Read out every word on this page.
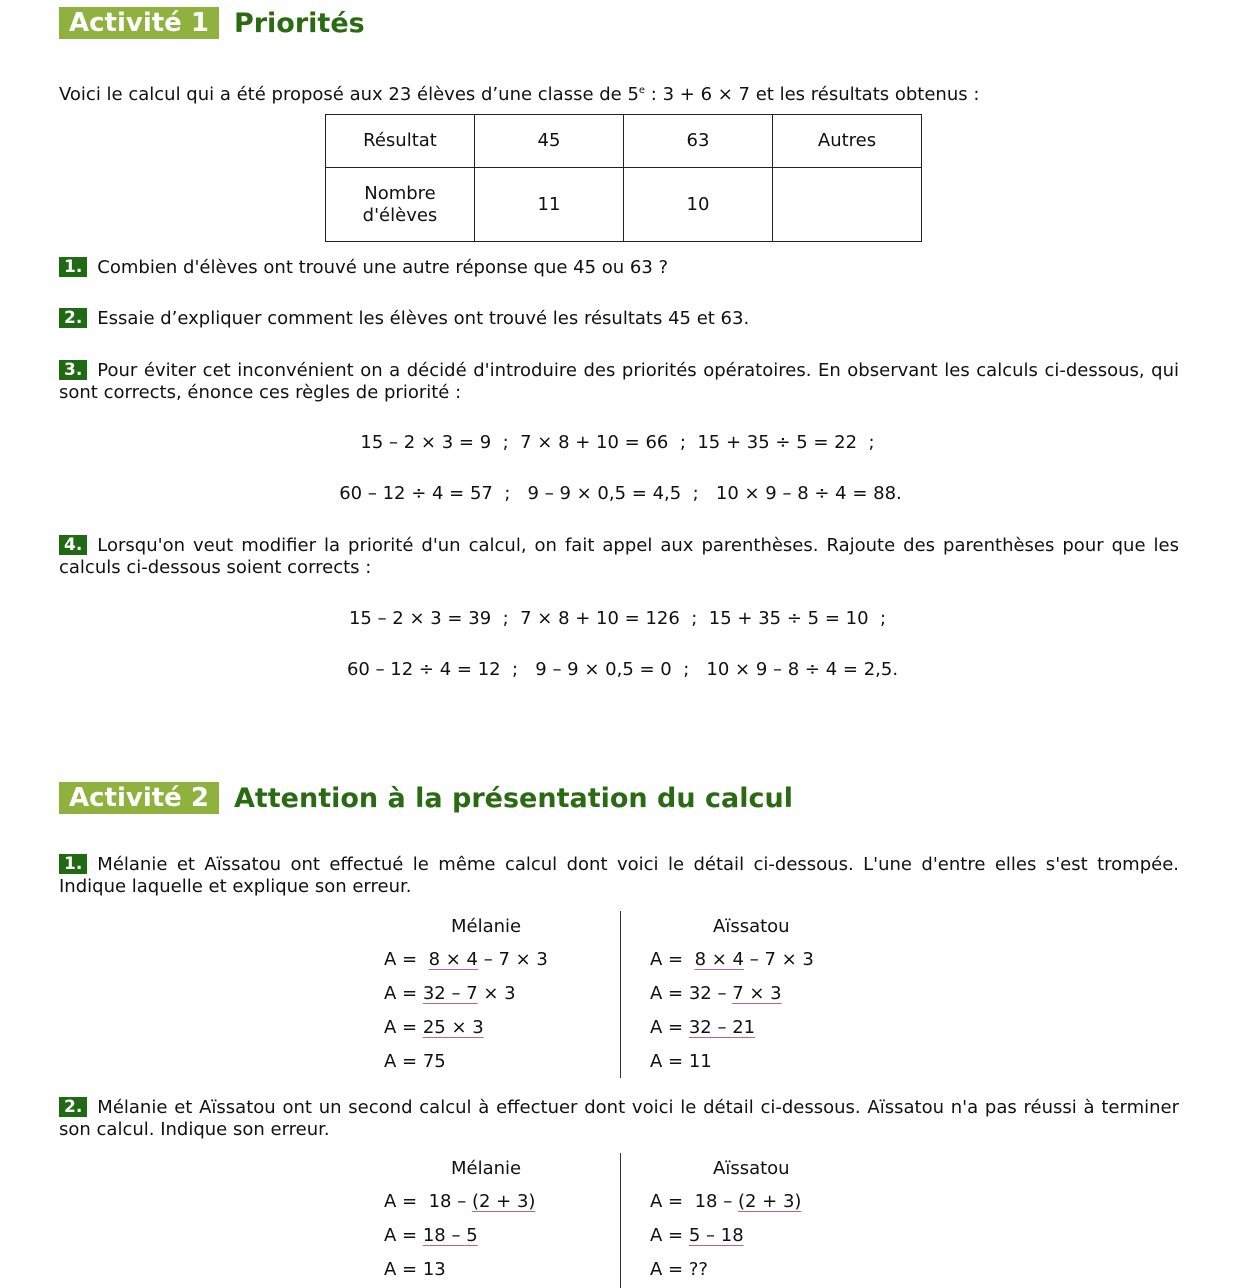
Activité 1 Priorités
Voici le calcul qui a été proposé aux 23 élèves d’une classe de 5e : 3 + 6 × 7 et les résultats obtenus :
Résultat	45	63	Autres
Nombre
d'élèves	11	10	
1. Combien d'élèves ont trouvé une autre réponse que 45 ou 63 ?
2. Essaie d’expliquer comment les élèves ont trouvé les résultats 45 et 63.
3. Pour éviter cet inconvénient on a décidé d'introduire des priorités opératoires. En observant les calculs ci-dessous, qui sont corrects, énonce ces règles de priorité :
15 – 2 × 3 = 9  ;  7 × 8 + 10 = 66  ;  15 + 35 ÷ 5 = 22  ;
60 – 12 ÷ 4 = 57  ;   9 – 9 × 0,5 = 4,5  ;   10 × 9 – 8 ÷ 4 = 88.
4. Lorsqu'on veut modifier la priorité d'un calcul, on fait appel aux parenthèses. Rajoute des parenthèses pour que les calculs ci-dessous soient corrects :
15 – 2 × 3 = 39  ;  7 × 8 + 10 = 126  ;  15 + 35 ÷ 5 = 10  ;
60 – 12 ÷ 4 = 12  ;   9 – 9 × 0,5 = 0  ;   10 × 9 – 8 ÷ 4 = 2,5.
Activité 2 Attention à la présentation du calcul
1. Mélanie et Aïssatou ont effectué le même calcul dont voici le détail ci-dessous. L'une d'entre elles s'est trompée. Indique laquelle et explique son erreur.
Mélanie
A =  8 × 4 – 7 × 3
A = 32 – 7 × 3
A = 25 × 3
A = 75
Aïssatou
A =  8 × 4 – 7 × 3
A = 32 – 7 × 3
A = 32 – 21
A = 11
2. Mélanie et Aïssatou ont un second calcul à effectuer dont voici le détail ci-dessous. Aïssatou n'a pas réussi à terminer son calcul. Indique son erreur.
Mélanie
A =  18 – (2 + 3)
A = 18 – 5
A = 13
Aïssatou
A =  18 – (2 + 3)
A = 5 – 18
A = ??
